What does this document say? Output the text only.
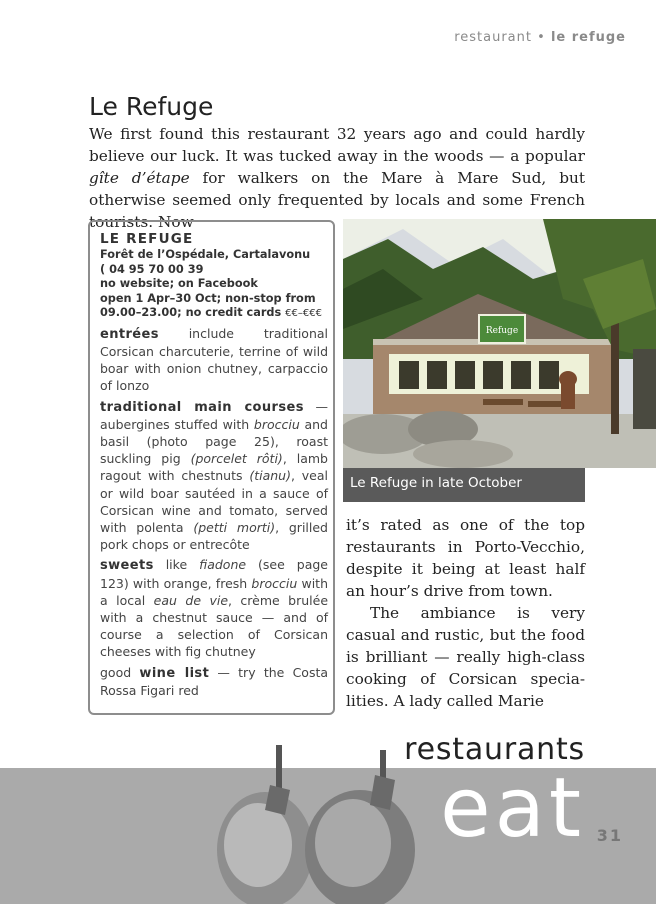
restaurant • le refuge
Le Refuge

We first found this restaurant 32 years ago and could hardly believe our luck. It was tucked away in the woods — a popular gîte d’étape for walkers on the Mare à Mare Sud, but otherwise seemed only frequented by locals and some French tourists. Now

LE REFUGE
Forêt de l’Ospédale, Cartalavonu
( 04 95 70 00 39
no website; on Facebook
open 1 Apr–30 Oct; non-stop from 09.00–23.00; no credit cards €€–€€€
entrées include traditional Corsican charcuterie, terrine of wild boar with onion chutney, carpaccio of lonzo
traditional main courses — aubergines stuffed with brocciu and basil (photo page 25), roast suckling pig (porcelet rôti), lamb ragout with chestnuts (tianu), veal or wild boar sautéed in a sauce of Corsican wine and tomato, served with polenta (petti morti), grilled pork chops or entrecôte
sweets like fiadone (see page 123) with orange, fresh brocciu with a local eau de vie, crème brulée with a chestnut sauce — and of course a selection of Corsican cheeses with fig chutney
good wine list — try the Costa Rossa Figari red
Refuge
Le Refuge in late October

it’s rated as one of the top restaurants in Porto-Vecchio, despite it being at least half an hour’s drive from town.

The ambiance is very casual and rustic, but the food is brilliant — really high-class cooking of Corsican specialities. A lady called Marie

restaurants
eat 31
